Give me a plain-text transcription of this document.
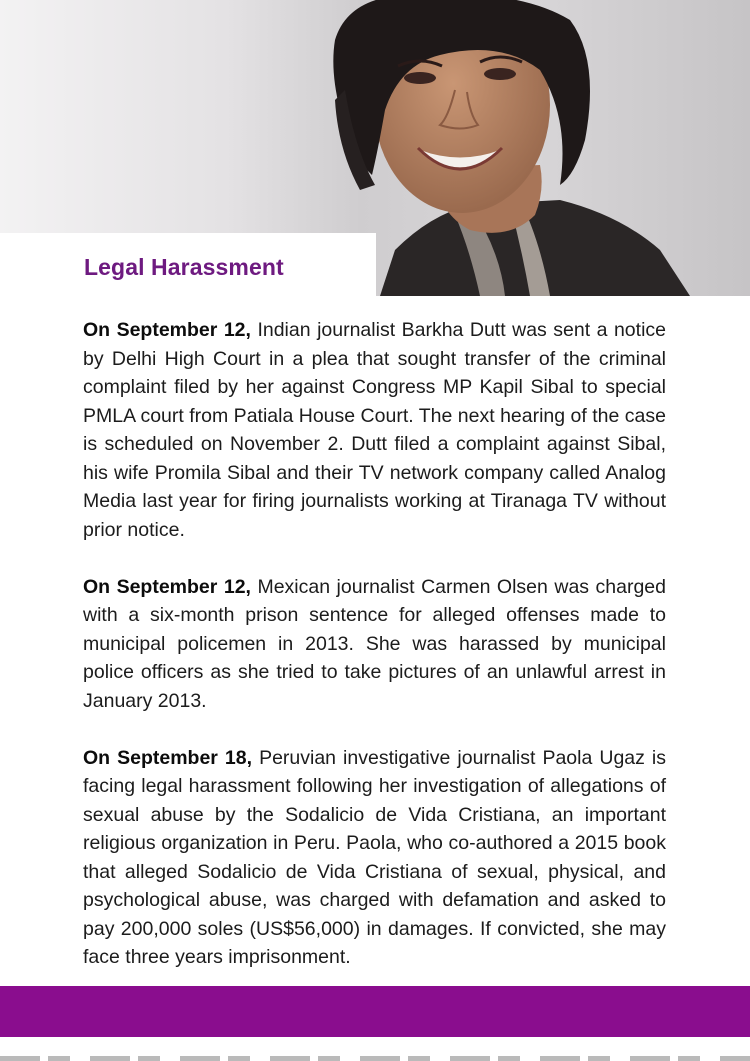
Legal Harassment

On September 12, Indian journalist Barkha Dutt was sent a notice by Delhi High Court in a plea that sought transfer of the criminal complaint filed by her against Congress MP Kapil Sibal to special PMLA court from Patiala House Court. The next hearing of the case is scheduled on November 2. Dutt filed a complaint against Sibal, his wife Promila Sibal and their TV network company called Analog Media last year for firing journalists working at Tiranaga TV without prior notice.

On September 12, Mexican journalist Carmen Olsen was charged with a six-month prison sentence for alleged offenses made to municipal policemen in 2013. She was harassed by municipal police officers as she tried to take pictures of an unlawful arrest in January 2013.

On September 18, Peruvian investigative journalist Paola Ugaz is facing legal harassment following her investigation of allegations of sexual abuse by the Sodalicio de Vida Cristiana, an important religious organization in Peru. Paola, who co-authored a 2015 book that alleged Sodalicio de Vida Cristiana of sexual, physical, and psychological abuse, was charged with defamation and asked to pay 200,000 soles (US$56,000) in damages. If convicted, she may face three years imprisonment.
